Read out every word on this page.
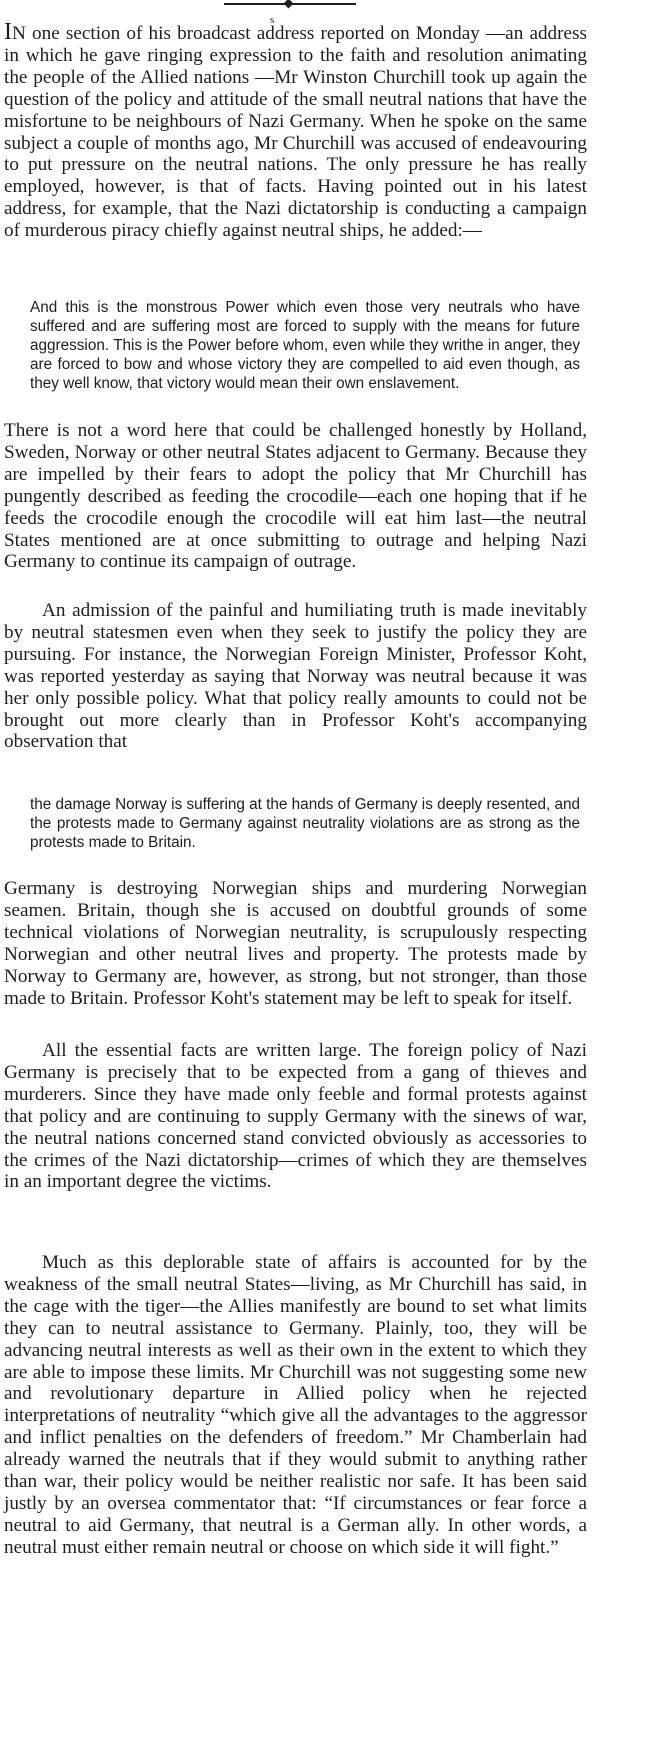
s

IN one section of his broadcast address reported on Monday —an address in which he gave ringing expression to the faith and resolution animating the people of the Allied nations —Mr Winston Churchill took up again the question of the policy and attitude of the small neutral nations that have the misfortune to be neighbours of Nazi Germany. When he spoke on the same subject a couple of months ago, Mr Churchill was accused of endeavouring to put pressure on the neutral nations. The only pressure he has really employed, however, is that of facts. Having pointed out in his latest address, for example, that the Nazi dictatorship is conducting a campaign of murderous piracy chiefly against neutral ships, he added:—

And this is the monstrous Power which even those very neutrals who have suffered and are suffering most are forced to supply with the means for future aggression. This is the Power before whom, even while they writhe in anger, they are forced to bow and whose victory they are compelled to aid even though, as they well know, that victory would mean their own enslavement.

There is not a word here that could be challenged honestly by Holland, Sweden, Norway or other neutral States adjacent to Germany. Because they are impelled by their fears to adopt the policy that Mr Churchill has pungently described as feeding the crocodile—each one hoping that if he feeds the crocodile enough the crocodile will eat him last—the neutral States mentioned are at once submitting to outrage and helping Nazi Germany to continue its campaign of outrage.

An admission of the painful and humiliating truth is made inevitably by neutral statesmen even when they seek to justify the policy they are pursuing. For instance, the Norwegian Foreign Minister, Professor Koht, was reported yesterday as saying that Norway was neutral because it was her only possible policy. What that policy really amounts to could not be brought out more clearly than in Professor Koht's accompanying observation that

the damage Norway is suffering at the hands of Germany is deeply resented, and the protests made to Germany against neutrality violations are as strong as the protests made to Britain.

Germany is destroying Norwegian ships and murdering Norwegian seamen. Britain, though she is accused on doubtful grounds of some technical violations of Norwegian neutrality, is scrupulously respecting Norwegian and other neutral lives and property. The protests made by Norway to Germany are, however, as strong, but not stronger, than those made to Britain. Professor Koht's statement may be left to speak for itself.

All the essential facts are written large. The foreign policy of Nazi Germany is precisely that to be expected from a gang of thieves and murderers. Since they have made only feeble and formal protests against that policy and are continuing to supply Germany with the sinews of war, the neutral nations concerned stand convicted obviously as accessories to the crimes of the Nazi dictatorship—crimes of which they are themselves in an important degree the victims.

Much as this deplorable state of affairs is accounted for by the weakness of the small neutral States—living, as Mr Churchill has said, in the cage with the tiger—the Allies manifestly are bound to set what limits they can to neutral assistance to Germany. Plainly, too, they will be advancing neutral interests as well as their own in the extent to which they are able to impose these limits. Mr Churchill was not suggesting some new and revolutionary departure in Allied policy when he rejected interpretations of neutrality “which give all the advantages to the aggressor and inflict penalties on the defenders of freedom.” Mr Chamberlain had already warned the neutrals that if they would submit to anything rather than war, their policy would be neither realistic nor safe. It has been said justly by an oversea commentator that: “If circumstances or fear force a neutral to aid Germany, that neutral is a German ally. In other words, a neutral must either remain neutral or choose on which side it will fight.”
